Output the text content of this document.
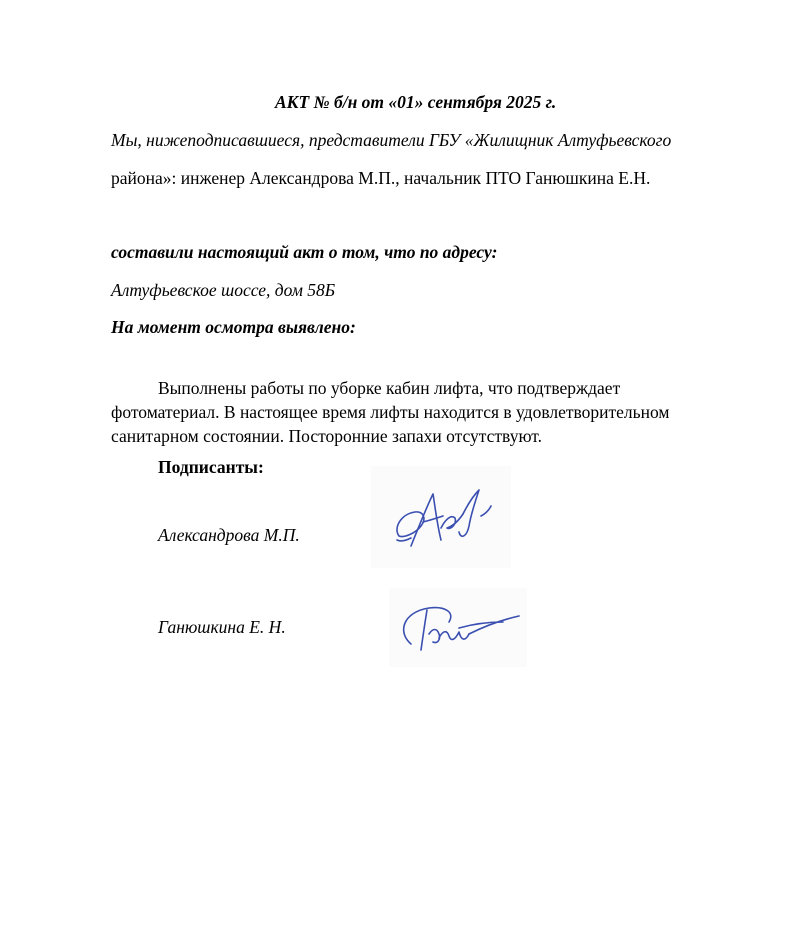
АКТ № б/н от «01» сентября 2025 г.
Мы, нижеподписавшиеся, представители ГБУ «Жилищник Алтуфьевского
района»: инженер Александрова М.П., начальник ПТО Ганюшкина Е.Н.
составили настоящий акт о том, что по адресу:
Алтуфьевское шоссе, дом 58Б
На момент осмотра выявлено:
Выполнены работы по уборке кабин лифта, что подтверждает фотоматериал. В настоящее время лифты находится в удовлетворительном санитарном состоянии. Посторонние запахи отсутствуют.
Подписанты:
Александрова М.П.
Ганюшкина Е. Н.
